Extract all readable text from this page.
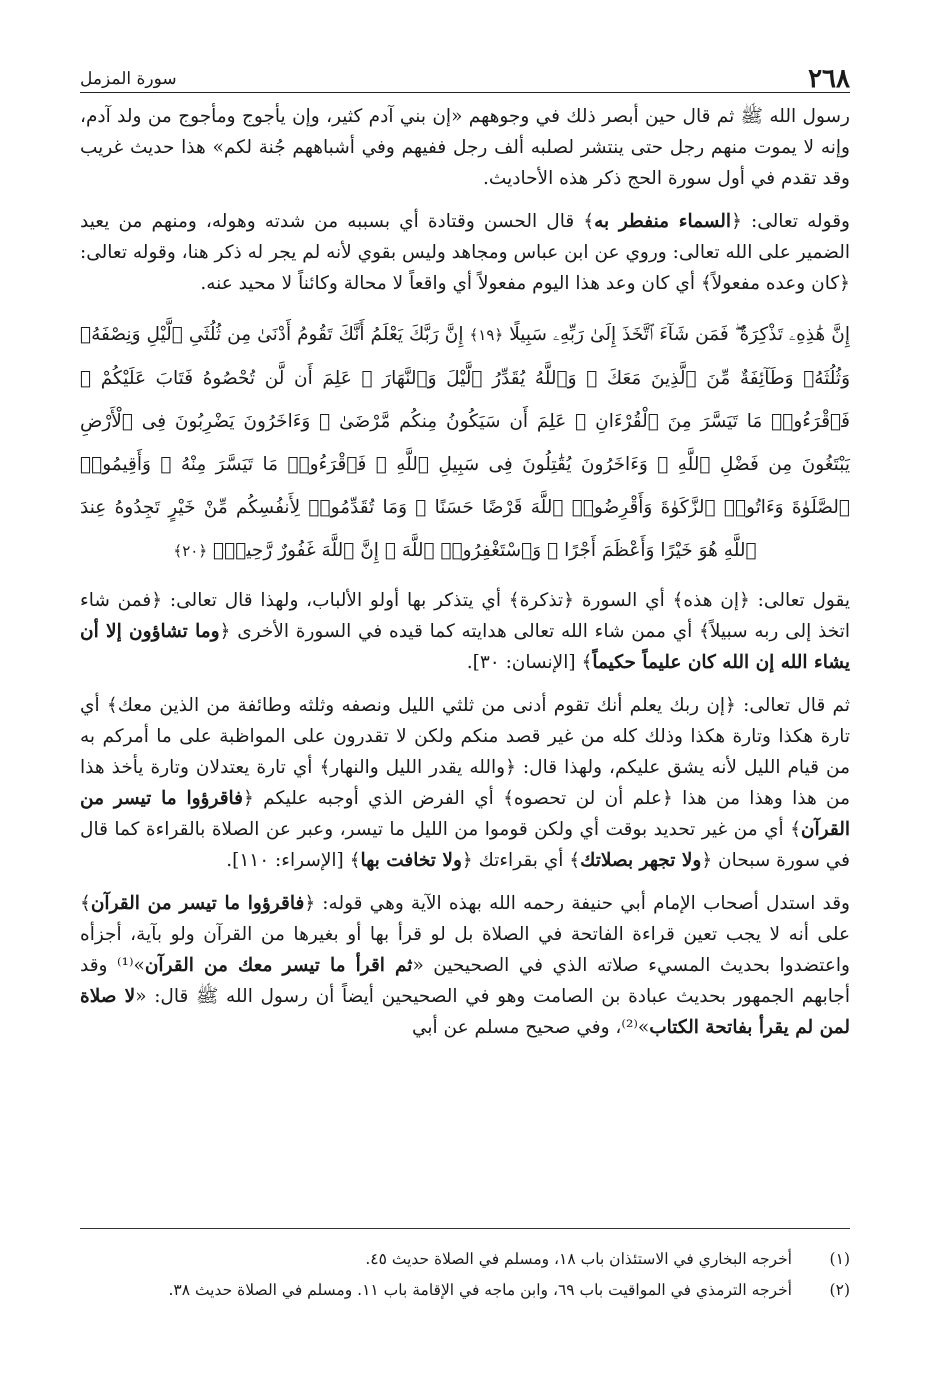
٢٦٨
سورة المزمل

رسول الله ﷺ ثم قال حين أبصر ذلك في وجوههم «إن بني آدم كثير، وإن يأجوج ومأجوج من ولد آدم، وإنه لا يموت منهم رجل حتى ينتشر لصلبه ألف رجل ففيهم وفي أشباههم جُنة لكم» هذا حديث غريب وقد تقدم في أول سورة الحج ذكر هذه الأحاديث.

وقوله تعالى: ﴿السماء منفطر به﴾ قال الحسن وقتادة أي بسببه من شدته وهوله، ومنهم من يعيد الضمير على الله تعالى: وروي عن ابن عباس ومجاهد وليس بقوي لأنه لم يجر له ذكر هنا، وقوله تعالى: ﴿كان وعده مفعولاً﴾ أي كان وعد هذا اليوم مفعولاً أي واقعاً لا محالة وكائناً لا محيد عنه.

إِنَّ هَٰذِهِۦ تَذْكِرَةٌ ۖ فَمَن شَآءَ ٱتَّخَذَ إِلَىٰ رَبِّهِۦ سَبِيلًا ﴿١٩﴾ إِنَّ رَبَّكَ يَعْلَمُ أَنَّكَ تَقُومُ أَدْنَىٰ مِن ثُلُثَىِ ٱلَّيْلِ وَنِصْفَهُۥ وَثُلُثَهُۥ وَطَآئِفَةٌ مِّنَ ٱلَّذِينَ مَعَكَ ۚ وَٱللَّهُ يُقَدِّرُ ٱلَّيْلَ وَٱلنَّهَارَ ۚ عَلِمَ أَن لَّن تُحْصُوهُ فَتَابَ عَلَيْكُمْ ۖ فَٱقْرَءُوا۟ مَا تَيَسَّرَ مِنَ ٱلْقُرْءَانِ ۚ عَلِمَ أَن سَيَكُونُ مِنكُم مَّرْضَىٰ ۙ وَءَاخَرُونَ يَضْرِبُونَ فِى ٱلْأَرْضِ يَبْتَغُونَ مِن فَضْلِ ٱللَّهِ ۙ وَءَاخَرُونَ يُقَٰتِلُونَ فِى سَبِيلِ ٱللَّهِ ۖ فَٱقْرَءُوا۟ مَا تَيَسَّرَ مِنْهُ ۚ وَأَقِيمُوا۟ ٱلصَّلَوٰةَ وَءَاتُوا۟ ٱلزَّكَوٰةَ وَأَقْرِضُوا۟ ٱللَّهَ قَرْضًا حَسَنًا ۚ وَمَا تُقَدِّمُوا۟ لِأَنفُسِكُم مِّنْ خَيْرٍ تَجِدُوهُ عِندَ ٱللَّهِ هُوَ خَيْرًا وَأَعْظَمَ أَجْرًا ۚ وَٱسْتَغْفِرُوا۟ ٱللَّهَ ۖ إِنَّ ٱللَّهَ غَفُورٌ رَّحِيمٌۢ ﴿٢٠﴾

يقول تعالى: ﴿إن هذه﴾ أي السورة ﴿تذكرة﴾ أي يتذكر بها أولو الألباب، ولهذا قال تعالى: ﴿فمن شاء اتخذ إلى ربه سبيلاً﴾ أي ممن شاء الله تعالى هدايته كما قيده في السورة الأخرى ﴿وما تشاؤون إلا أن يشاء الله إن الله كان عليماً حكيماً﴾ [الإنسان: ٣٠].

ثم قال تعالى: ﴿إن ربك يعلم أنك تقوم أدنى من ثلثي الليل ونصفه وثلثه وطائفة من الذين معك﴾ أي تارة هكذا وتارة هكذا وذلك كله من غير قصد منكم ولكن لا تقدرون على المواظبة على ما أمركم به من قيام الليل لأنه يشق عليكم، ولهذا قال: ﴿والله يقدر الليل والنهار﴾ أي تارة يعتدلان وتارة يأخذ هذا من هذا وهذا من هذا ﴿علم أن لن تحصوه﴾ أي الفرض الذي أوجبه عليكم ﴿فاقرؤوا ما تيسر من القرآن﴾ أي من غير تحديد بوقت أي ولكن قوموا من الليل ما تيسر، وعبر عن الصلاة بالقراءة كما قال في سورة سبحان ﴿ولا تجهر بصلاتك﴾ أي بقراءتك ﴿ولا تخافت بها﴾ [الإسراء: ١١٠].

وقد استدل أصحاب الإمام أبي حنيفة رحمه الله بهذه الآية وهي قوله: ﴿فاقرؤوا ما تيسر من القرآن﴾ على أنه لا يجب تعين قراءة الفاتحة في الصلاة بل لو قرأ بها أو بغيرها من القرآن ولو بآية، أجزأه واعتضدوا بحديث المسيء صلاته الذي في الصحيحين «ثم اقرأ ما تيسر معك من القرآن»⁽¹⁾ وقد أجابهم الجمهور بحديث عبادة بن الصامت وهو في الصحيحين أيضاً أن رسول الله ﷺ قال: «لا صلاة لمن لم يقرأ بفاتحة الكتاب»⁽²⁾، وفي صحيح مسلم عن أبي

(١)
أخرجه البخاري في الاستئذان باب ١٨، ومسلم في الصلاة حديث ٤٥.
(٢)
أخرجه الترمذي في المواقيت باب ٦٩، وابن ماجه في الإقامة باب ١١. ومسلم في الصلاة حديث ٣٨.
